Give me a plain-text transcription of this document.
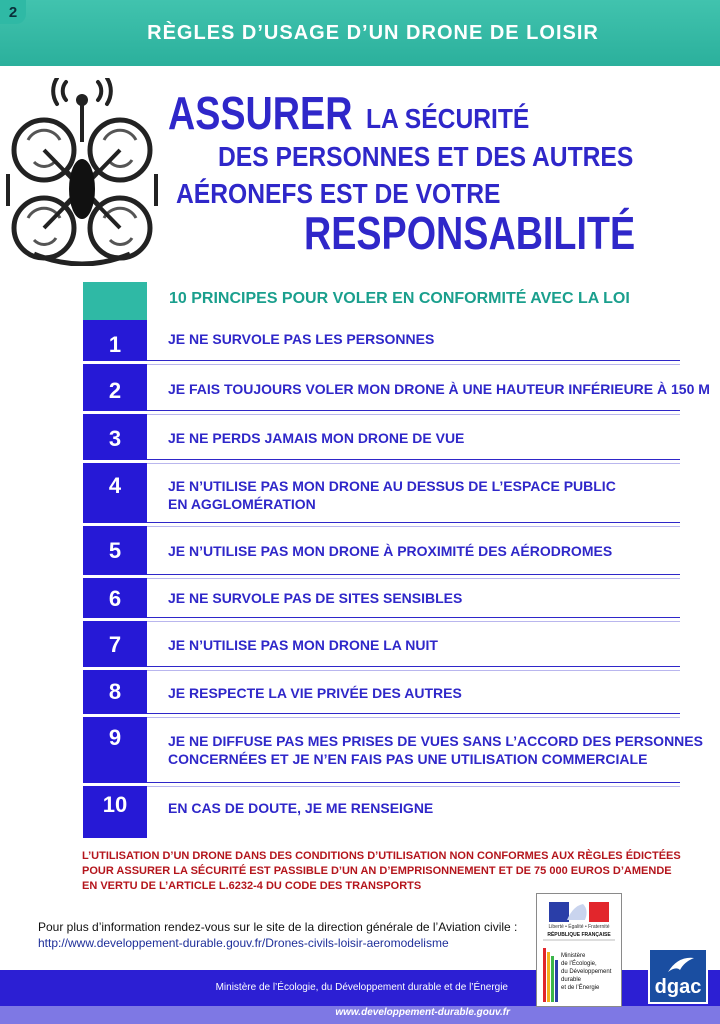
2
RÈGLES D’USAGE D’UN DRONE DE LOISIR
ASSURER LA SÉCURITÉ
DES PERSONNES ET DES AUTRES
AÉRONEFS EST DE VOTRE
RESPONSABILITÉ
10 PRINCIPES POUR VOLER EN CONFORMITÉ AVEC LA LOI
1	JE NE SURVOLE PAS LES PERSONNES
2	JE FAIS TOUJOURS VOLER MON DRONE À UNE HAUTEUR INFÉRIEURE À 150 M
3	JE NE PERDS JAMAIS MON DRONE DE VUE
4	JE N’UTILISE PAS MON DRONE AU DESSUS DE L’ESPACE PUBLIC
EN AGGLOMÉRATION
5	JE N’UTILISE PAS MON DRONE À PROXIMITÉ DES AÉRODROMES
6	JE NE SURVOLE PAS DE SITES SENSIBLES
7	JE N’UTILISE PAS MON DRONE LA NUIT
8	JE RESPECTE LA VIE PRIVÉE DES AUTRES
9	JE NE DIFFUSE PAS MES PRISES DE VUES SANS L’ACCORD DES PERSONNES
CONCERNÉES ET JE N’EN FAIS PAS UNE UTILISATION COMMERCIALE
10	EN CAS DE DOUTE, JE ME RENSEIGNE
L’UTILISATION D’UN DRONE DANS DES CONDITIONS D’UTILISATION NON CONFORMES AUX RÈGLES ÉDICTÉES
POUR ASSURER LA SÉCURITÉ EST PASSIBLE D’UN AN D’EMPRISONNEMENT ET DE 75 000 EUROS D’AMENDE
EN VERTU DE L’ARTICLE L.6232-4 DU CODE DES TRANSPORTS
Pour plus d’information rendez-vous sur le site de la direction générale de l’Aviation civile :
http://www.developpement-durable.gouv.fr/Drones-civils-loisir-aeromodelisme
Ministère de l’Écologie, du Développement durable et de l’Énergie
www.developpement-durable.gouv.fr
Liberté • Égalité • Fraternité
RÉPUBLIQUE FRANÇAISE
Ministère
de l’Écologie,
du Développement
durable
et de l’Énergie	dgac
